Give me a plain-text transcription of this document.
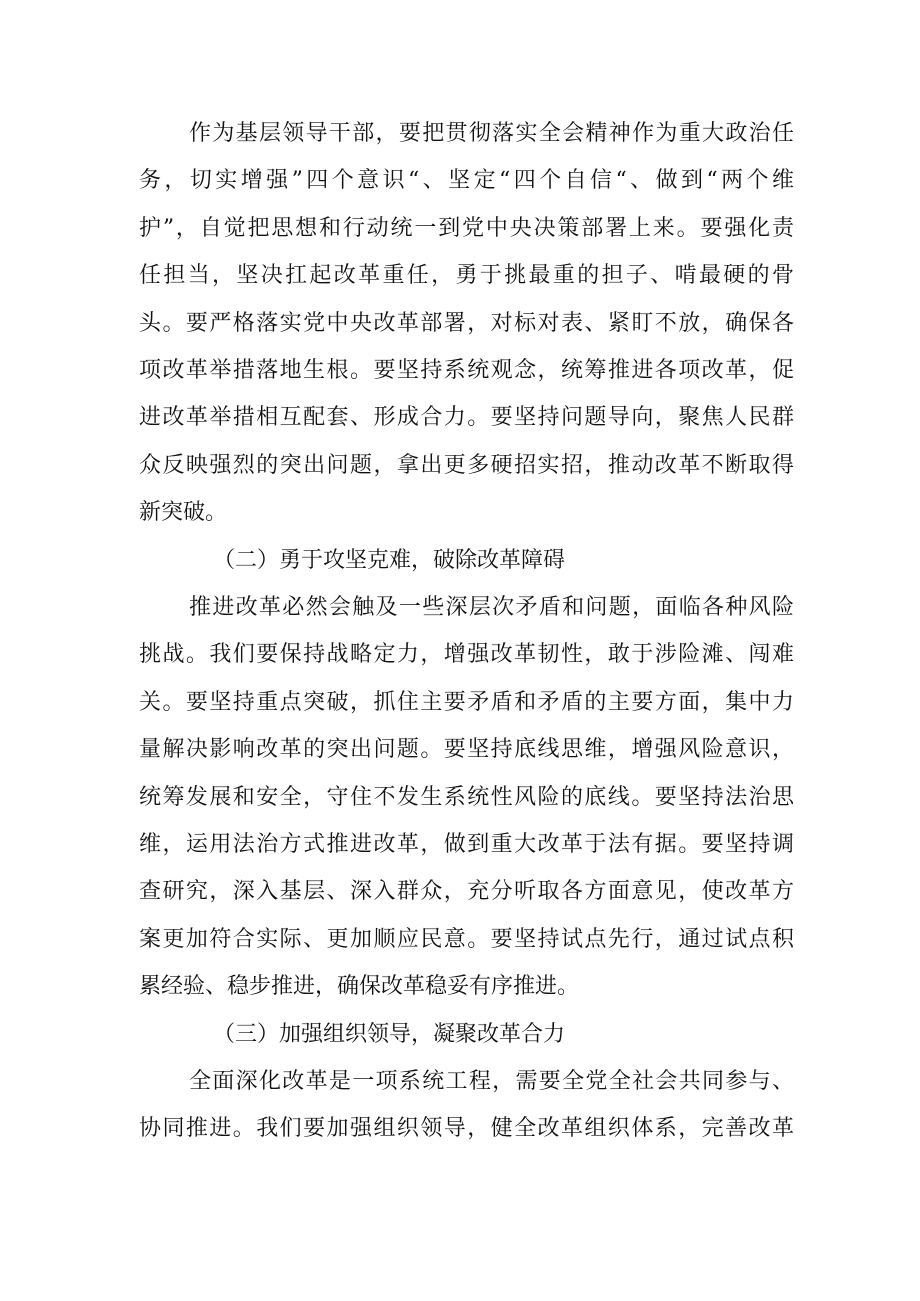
作为基层领导干部，要把贯彻落实全会精神作为重大政治任
务，切实增强”四个意识“、坚定“四个自信“、做到“两个维
护”，自觉把思想和行动统一到党中央决策部署上来。要强化责
任担当，坚决扛起改革重任，勇于挑最重的担子、啃最硬的骨
头。要严格落实党中央改革部署，对标对表、紧盯不放，确保各
项改革举措落地生根。要坚持系统观念，统筹推进各项改革，促
进改革举措相互配套、形成合力。要坚持问题导向，聚焦人民群
众反映强烈的突出问题，拿出更多硬招实招，推动改革不断取得
新突破。
（二）勇于攻坚克难，破除改革障碍
推进改革必然会触及一些深层次矛盾和问题，面临各种风险
挑战。我们要保持战略定力，增强改革韧性，敢于涉险滩、闯难
关。要坚持重点突破，抓住主要矛盾和矛盾的主要方面，集中力
量解决影响改革的突出问题。要坚持底线思维，增强风险意识，
统筹发展和安全，守住不发生系统性风险的底线。要坚持法治思
维，运用法治方式推进改革，做到重大改革于法有据。要坚持调
查研究，深入基层、深入群众，充分听取各方面意见，使改革方
案更加符合实际、更加顺应民意。要坚持试点先行，通过试点积
累经验、稳步推进，确保改革稳妥有序推进。
（三）加强组织领导，凝聚改革合力
全面深化改革是一项系统工程，需要全党全社会共同参与、
协同推进。我们要加强组织领导，健全改革组织体系，完善改革
